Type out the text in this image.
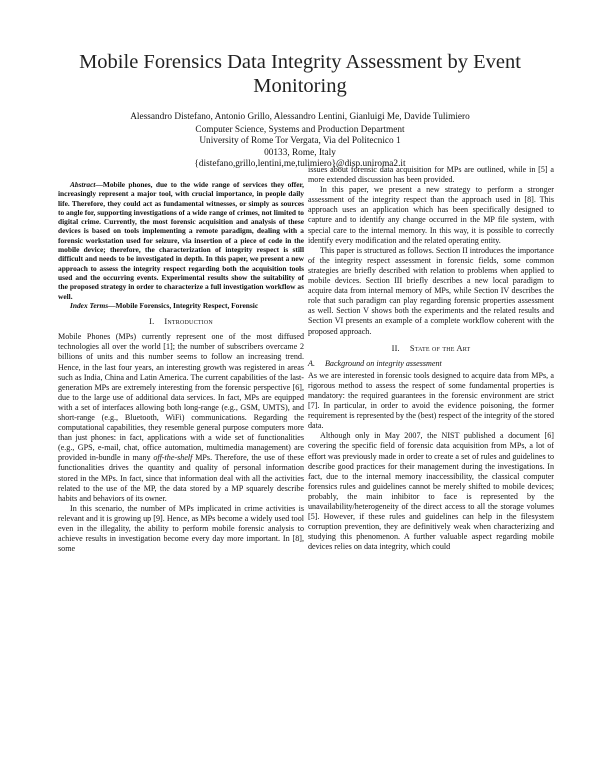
Mobile Forensics Data Integrity Assessment by Event Monitoring
Alessandro Distefano, Antonio Grillo, Alessandro Lentini, Gianluigi Me, Davide Tulimiero
Computer Science, Systems and Production Department
University of Rome Tor Vergata, Via del Politecnico 1
00133, Rome, Italy
{distefano,grillo,lentini,me,tulimiero}@disp.uniroma2.it

Abstract—Mobile phones, due to the wide range of services they offer, increasingly represent a major tool, with crucial importance, in people daily life. Therefore, they could act as fundamental witnesses, or simply as sources to angle for, supporting investigations of a wide range of crimes, not limited to digital crime. Currently, the most forensic acquisition and analysis of these devices is based on tools implementing a remote paradigm, dealing with a forensic workstation used for seizure, via insertion of a piece of code in the mobile device; therefore, the characterization of integrity respect is still difficult and needs to be investigated in depth. In this paper, we present a new approach to assess the integrity respect regarding both the acquisition tools used and the occurring events. Experimental results show the suitability of the proposed strategy in order to characterize a full investigation workflow as well.

Index Terms—Mobile Forensics, Integrity Respect, Forensic

I. Introduction

Mobile Phones (MPs) currently represent one of the most diffused technologies all over the world [1]; the number of subscribers overcame 2 billions of units and this number seems to follow an increasing trend. Hence, in the last four years, an interesting growth was registered in areas such as India, China and Latin America. The current capabilities of the last-generation MPs are extremely interesting from the forensic perspective [6], due to the large use of additional data services. In fact, MPs are equipped with a set of interfaces allowing both long-range (e.g., GSM, UMTS), and short-range (e.g., Bluetooth, WiFi) communications. Regarding the computational capabilities, they resemble general purpose computers more than just phones: in fact, applications with a wide set of functionalities (e.g., GPS, e-mail, chat, office automation, multimedia management) are provided in-bundle in many off-the-shelf MPs. Therefore, the use of these functionalities drives the quantity and quality of personal information stored in the MPs. In fact, since that information deal with all the activities related to the use of the MP, the data stored by a MP squarely describe habits and behaviors of its owner.

In this scenario, the number of MPs implicated in crime activities is relevant and it is growing up [9]. Hence, as MPs become a widely used tool even in the illegality, the ability to perform mobile forensic analysis to achieve results in investigation become every day more important. In [8], some

issues about forensic data acquisition for MPs are outlined, while in [5] a more extended discussion has been provided.

In this paper, we present a new strategy to perform a stronger assessment of the integrity respect than the approach used in [8]. This approach uses an application which has been specifically designed to capture and to identify any change occurred in the MP file system, with special care to the internal memory. In this way, it is possible to correctly identify every modification and the related operating entity.

This paper is structured as follows. Section II introduces the importance of the integrity respect assessment in forensic fields, some common strategies are briefly described with relation to problems when applied to mobile devices. Section III briefly describes a new local paradigm to acquire data from internal memory of MPs, while Section IV describes the role that such paradigm can play regarding forensic properties assessment as well. Section V shows both the experiments and the related results and Section VI presents an example of a complete workflow coherent with the proposed approach.

II. State of the Art
A. Background on integrity assessment

As we are interested in forensic tools designed to acquire data from MPs, a rigorous method to assess the respect of some fundamental properties is mandatory: the required guarantees in the forensic environment are strict [7]. In particular, in order to avoid the evidence poisoning, the former requirement is represented by the (best) respect of the integrity of the stored data.

Although only in May 2007, the NIST published a document [6] covering the specific field of forensic data acquisition from MPs, a lot of effort was previously made in order to create a set of rules and guidelines to describe good practices for their management during the investigations. In fact, due to the internal memory inaccessibility, the classical computer forensics rules and guidelines cannot be merely shifted to mobile devices; probably, the main inhibitor to face is represented by the unavailability/heterogeneity of the direct access to all the storage volumes [5]. However, if these rules and guidelines can help in the filesystem corruption prevention, they are definitively weak when characterizing and studying this phenomenon. A further valuable aspect regarding mobile devices relies on data integrity, which could
